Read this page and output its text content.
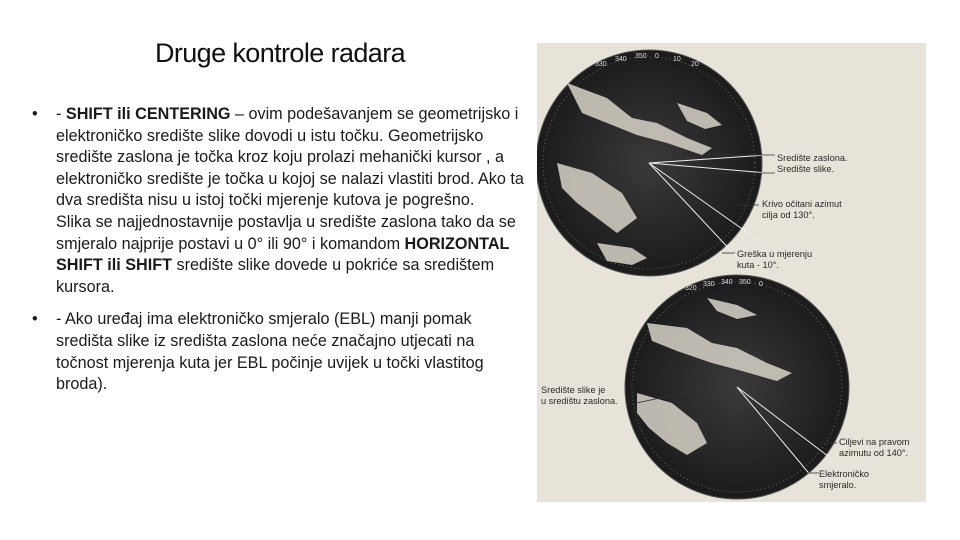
Druge kontrole radara
•	- SHIFT ili CENTERING – ovim podešavanjem se geometrijsko i elektroničko središte slike dovodi u istu točku. Geometrijsko središte zaslona je točka kroz koju prolazi mehanički kursor , a elektroničko središte je točka u kojoj se nalazi vlastiti brod. Ako ta dva središta nisu u istoj točki mjerenje kutova je pogrešno.
Slika se najjednostavnije postavlja u središte zaslona tako da se smjeralo najprije postavi u 0° ili 90° i komandom HORIZONTAL SHIFT ili SHIFT središte slike dovede u pokriće sa središtem kursora.
•	- Ako uređaj ima elektroničko smjeralo (EBL) manji pomak središta slike iz središta zaslona neće značajno utjecati na točnost mjerenja kuta jer EBL počinje uvijek u točki vlastitog broda).
330
340 350 0 10
20
320
330 340 350 0
Središte zaslona.
Središte slike.
Krivo očitani azimut
cilja od 130°.
Greška u mjerenju
kuta - 10°.
Središte slike je
u središtu zaslona.
Ciljevi na pravom
azimutu od 140°.
Elektroničko
smjeralo.
